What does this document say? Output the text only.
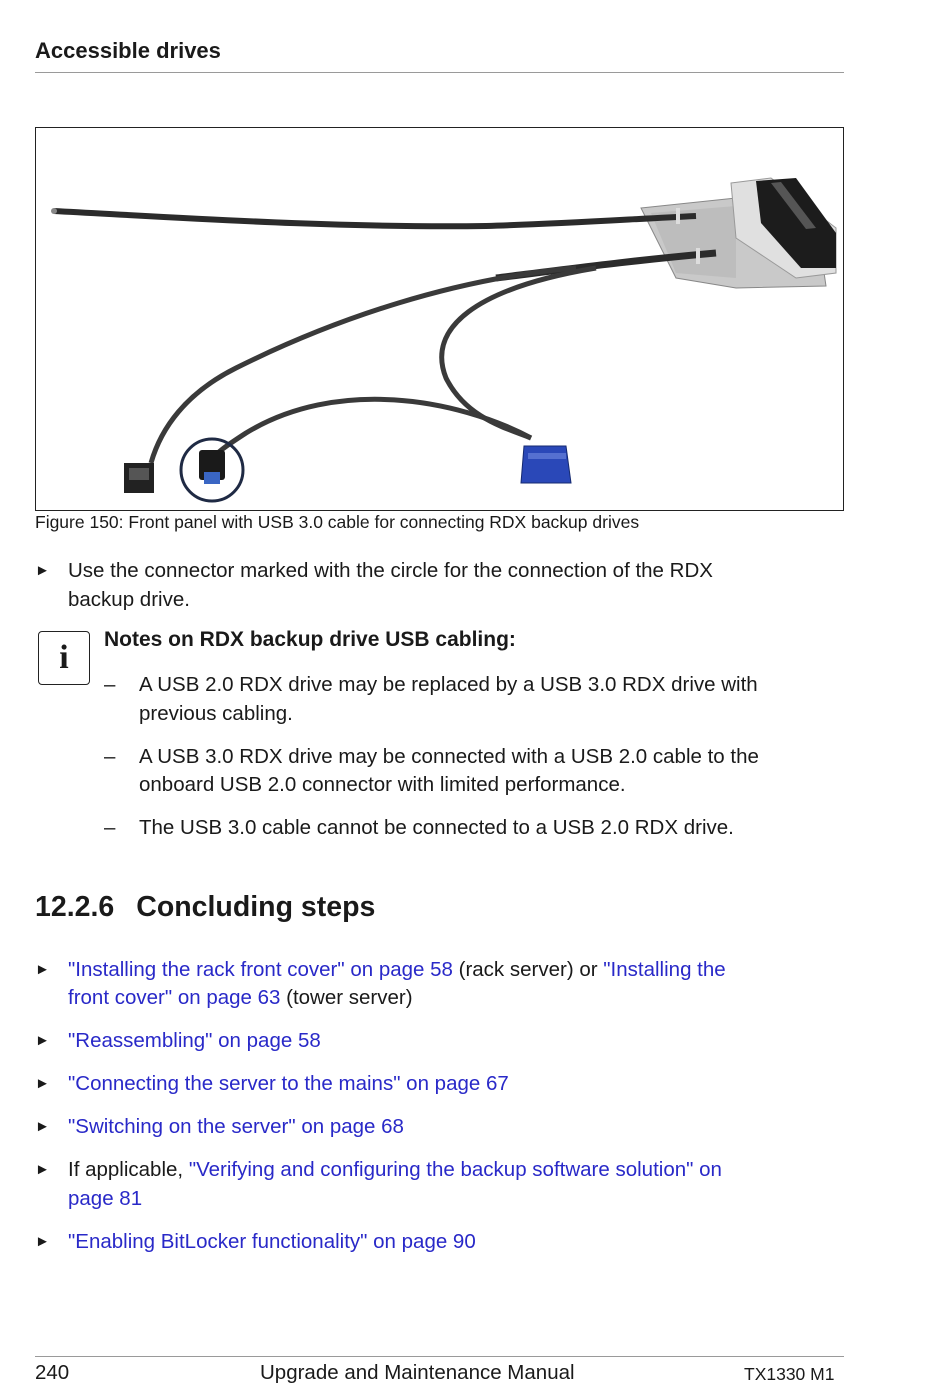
Accessible drives
Figure 150: Front panel with USB 3.0 cable for connecting RDX backup drives
► Use the connector marked with the circle for the connection of the RDX
backup drive.
i	Notes on RDX backup drive USB cabling:
– A USB 2.0 RDX drive may be replaced by a USB 3.0 RDX drive with
previous cabling.
– A USB 3.0 RDX drive may be connected with a USB 2.0 cable to the
onboard USB 2.0 connector with limited performance.
– The USB 3.0 cable cannot be connected to a USB 2.0 RDX drive.
12.2.6 Concluding steps
► "Installing the rack front cover" on page 58 (rack server) or "Installing the
front cover" on page 63 (tower server)
► "Reassembling" on page 58
► "Connecting the server to the mains" on page 67
► "Switching on the server" on page 68
► If applicable, "Verifying and configuring the backup software solution" on
page 81
► "Enabling BitLocker functionality" on page 90
240	Upgrade and Maintenance Manual	TX1330 M1
